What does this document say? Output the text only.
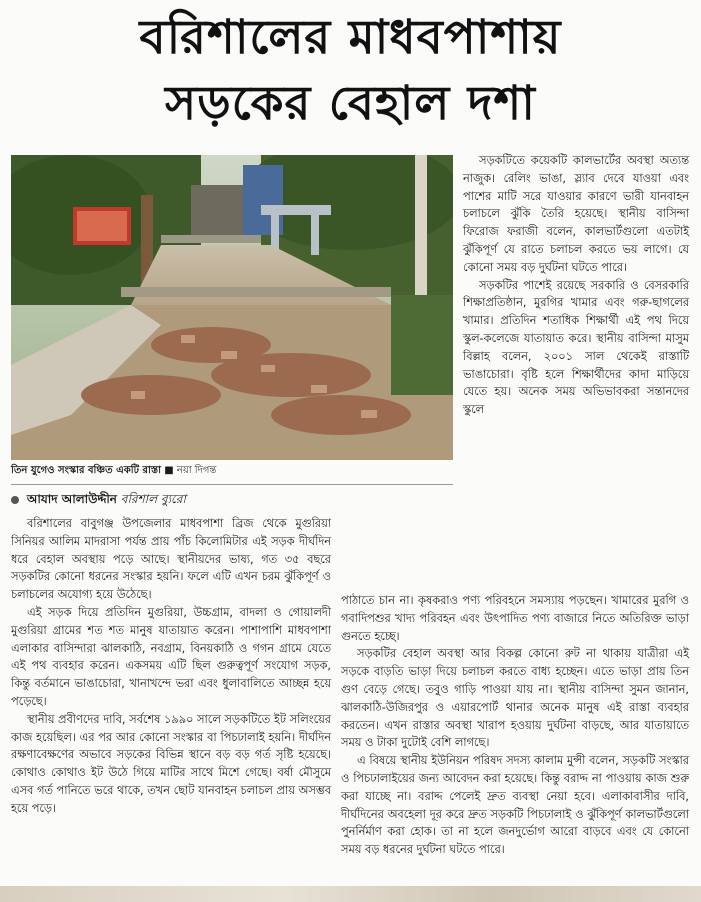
বরিশালের মাধবপাশায়
সড়কের বেহাল দশা
তিন যুগেও সংস্কার বঞ্চিত একটি রাস্তা ■ নয়া দিগন্ত
আযাদ আলাউদ্দীন বরিশাল ব্যুরো

বরিশালের বাবুগঞ্জ উপজেলার মাধবপাশা ব্রিজ থেকে মুগুরিয়া সিনিয়র আলিম মাদরাসা পর্যন্ত প্রায় পাঁচ কিলোমিটার এই সড়ক দীর্ঘদিন ধরে বেহাল অবস্থায় পড়ে আছে। স্থানীয়দের ভাষ্য, গত ৩৫ বছরে সড়কটির কোনো ধরনের সংস্কার হয়নি। ফলে এটি এখন চরম ঝুঁকিপূর্ণ ও চলাচলের অযোগ্য হয়ে উঠেছে।

এই সড়ক দিয়ে প্রতিদিন মুগুরিয়া, উচ্চগ্রাম, বাদলা ও গোয়ালদী মুগুরিয়া গ্রামের শত শত মানুষ যাতায়াত করেন। পাশাপাশি মাধবপাশা এলাকার বাসিন্দারা ঝালকাঠি, নবগ্রাম, বিনয়কাঠি ও গগন গ্রামে যেতে এই পথ ব্যবহার করেন। একসময় এটি ছিল গুরুত্বপূর্ণ সংযোগ সড়ক, কিন্তু বর্তমানে ভাঙাচোরা, খানাখন্দে ভরা এবং ধুলাবালিতে আচ্ছন্ন হয়ে পড়েছে।

স্থানীয় প্রবীণদের দাবি, সর্বশেষ ১৯৯০ সালে সড়কটিতে ইট সলিংয়ের কাজ হয়েছিল। এর পর আর কোনো সংস্কার বা পিচঢালাই হয়নি। দীর্ঘদিন রক্ষণাবেক্ষণের অভাবে সড়কের বিভিন্ন স্থানে বড় বড় গর্ত সৃষ্টি হয়েছে। কোথাও কোথাও ইট উঠে গিয়ে মাটির সাথে মিশে গেছে। বর্ষা মৌসুমে এসব গর্ত পানিতে ভরে থাকে, তখন ছোট যানবাহন চলাচল প্রায় অসম্ভব হয়ে পড়ে।

সড়কটিতে কয়েকটি কালভার্টের অবস্থা অত্যন্ত নাজুক। রেলিং ভাঙা, স্ল্যাব দেবে যাওয়া এবং পাশের মাটি সরে যাওয়ার কারণে ভারী যানবাহন চলাচলে ঝুঁকি তৈরি হয়েছে। স্থানীয় বাসিন্দা ফিরোজ ফরাজী বলেন, কালভার্টগুলো এতটাই ঝুঁকিপূর্ণ যে রাতে চলাচল করতে ভয় লাগে। যে কোনো সময় বড় দুর্ঘটনা ঘটতে পারে।

সড়কটির পাশেই রয়েছে সরকারি ও বেসরকারি শিক্ষাপ্রতিষ্ঠান, মুরগির খামার এবং গরু-ছাগলের খামার। প্রতিদিন শতাধিক শিক্ষার্থী এই পথ দিয়ে স্কুল-কলেজে যাতায়াত করে। স্থানীয় বাসিন্দা মাসুম বিল্লাহ বলেন, ২০০১ সাল থেকেই রাস্তাটি ভাঙাচোরা। বৃষ্টি হলে শিক্ষার্থীদের কাদা মাড়িয়ে যেতে হয়। অনেক সময় অভিভাবকরা সন্তানদের স্কুলে

পাঠাতে চান না। কৃষকরাও পণ্য পরিবহনে সমস্যায় পড়ছেন। খামারের মুরগি ও গবাদিপশুর খাদ্য পরিবহন এবং উৎপাদিত পণ্য বাজারে নিতে অতিরিক্ত ভাড়া গুনতে হচ্ছে।

সড়কটির বেহাল অবস্থা আর বিকল্প কোনো রুট না থাকায় যাত্রীরা এই সড়কে বাড়তি ভাড়া দিয়ে চলাচল করতে বাধ্য হচ্ছেন। এতে ভাড়া প্রায় তিন গুণ বেড়ে গেছে। তবুও গাড়ি পাওয়া যায় না। স্থানীয় বাসিন্দা সুমন জানান, ঝালকাঠি-উজিরপুর ও এয়ারপোর্ট থানার অনেক মানুষ এই রাস্তা ব্যবহার করতেন। এখন রাস্তার অবস্থা খারাপ হওয়ায় দুর্ঘটনা বাড়ছে, আর যাতায়াতে সময় ও টাকা দুটোই বেশি লাগছে।

এ বিষয়ে স্থানীয় ইউনিয়ন পরিষদ সদস্য কালাম মুন্সী বলেন, সড়কটি সংস্কার ও পিচঢালাইয়ের জন্য আবেদন করা হয়েছে। কিন্তু বরাদ্দ না পাওয়ায় কাজ শুরু করা যাচ্ছে না। বরাদ্দ পেলেই দ্রুত ব্যবস্থা নেয়া হবে। এলাকাবাসীর দাবি, দীর্ঘদিনের অবহেলা দূর করে দ্রুত সড়কটি পিচঢালাই ও ঝুঁকিপূর্ণ কালভার্টগুলো পুনর্নির্মাণ করা হোক। তা না হলে জনদুর্ভোগ আরো বাড়বে এবং যে কোনো সময় বড় ধরনের দুর্ঘটনা ঘটতে পারে।
